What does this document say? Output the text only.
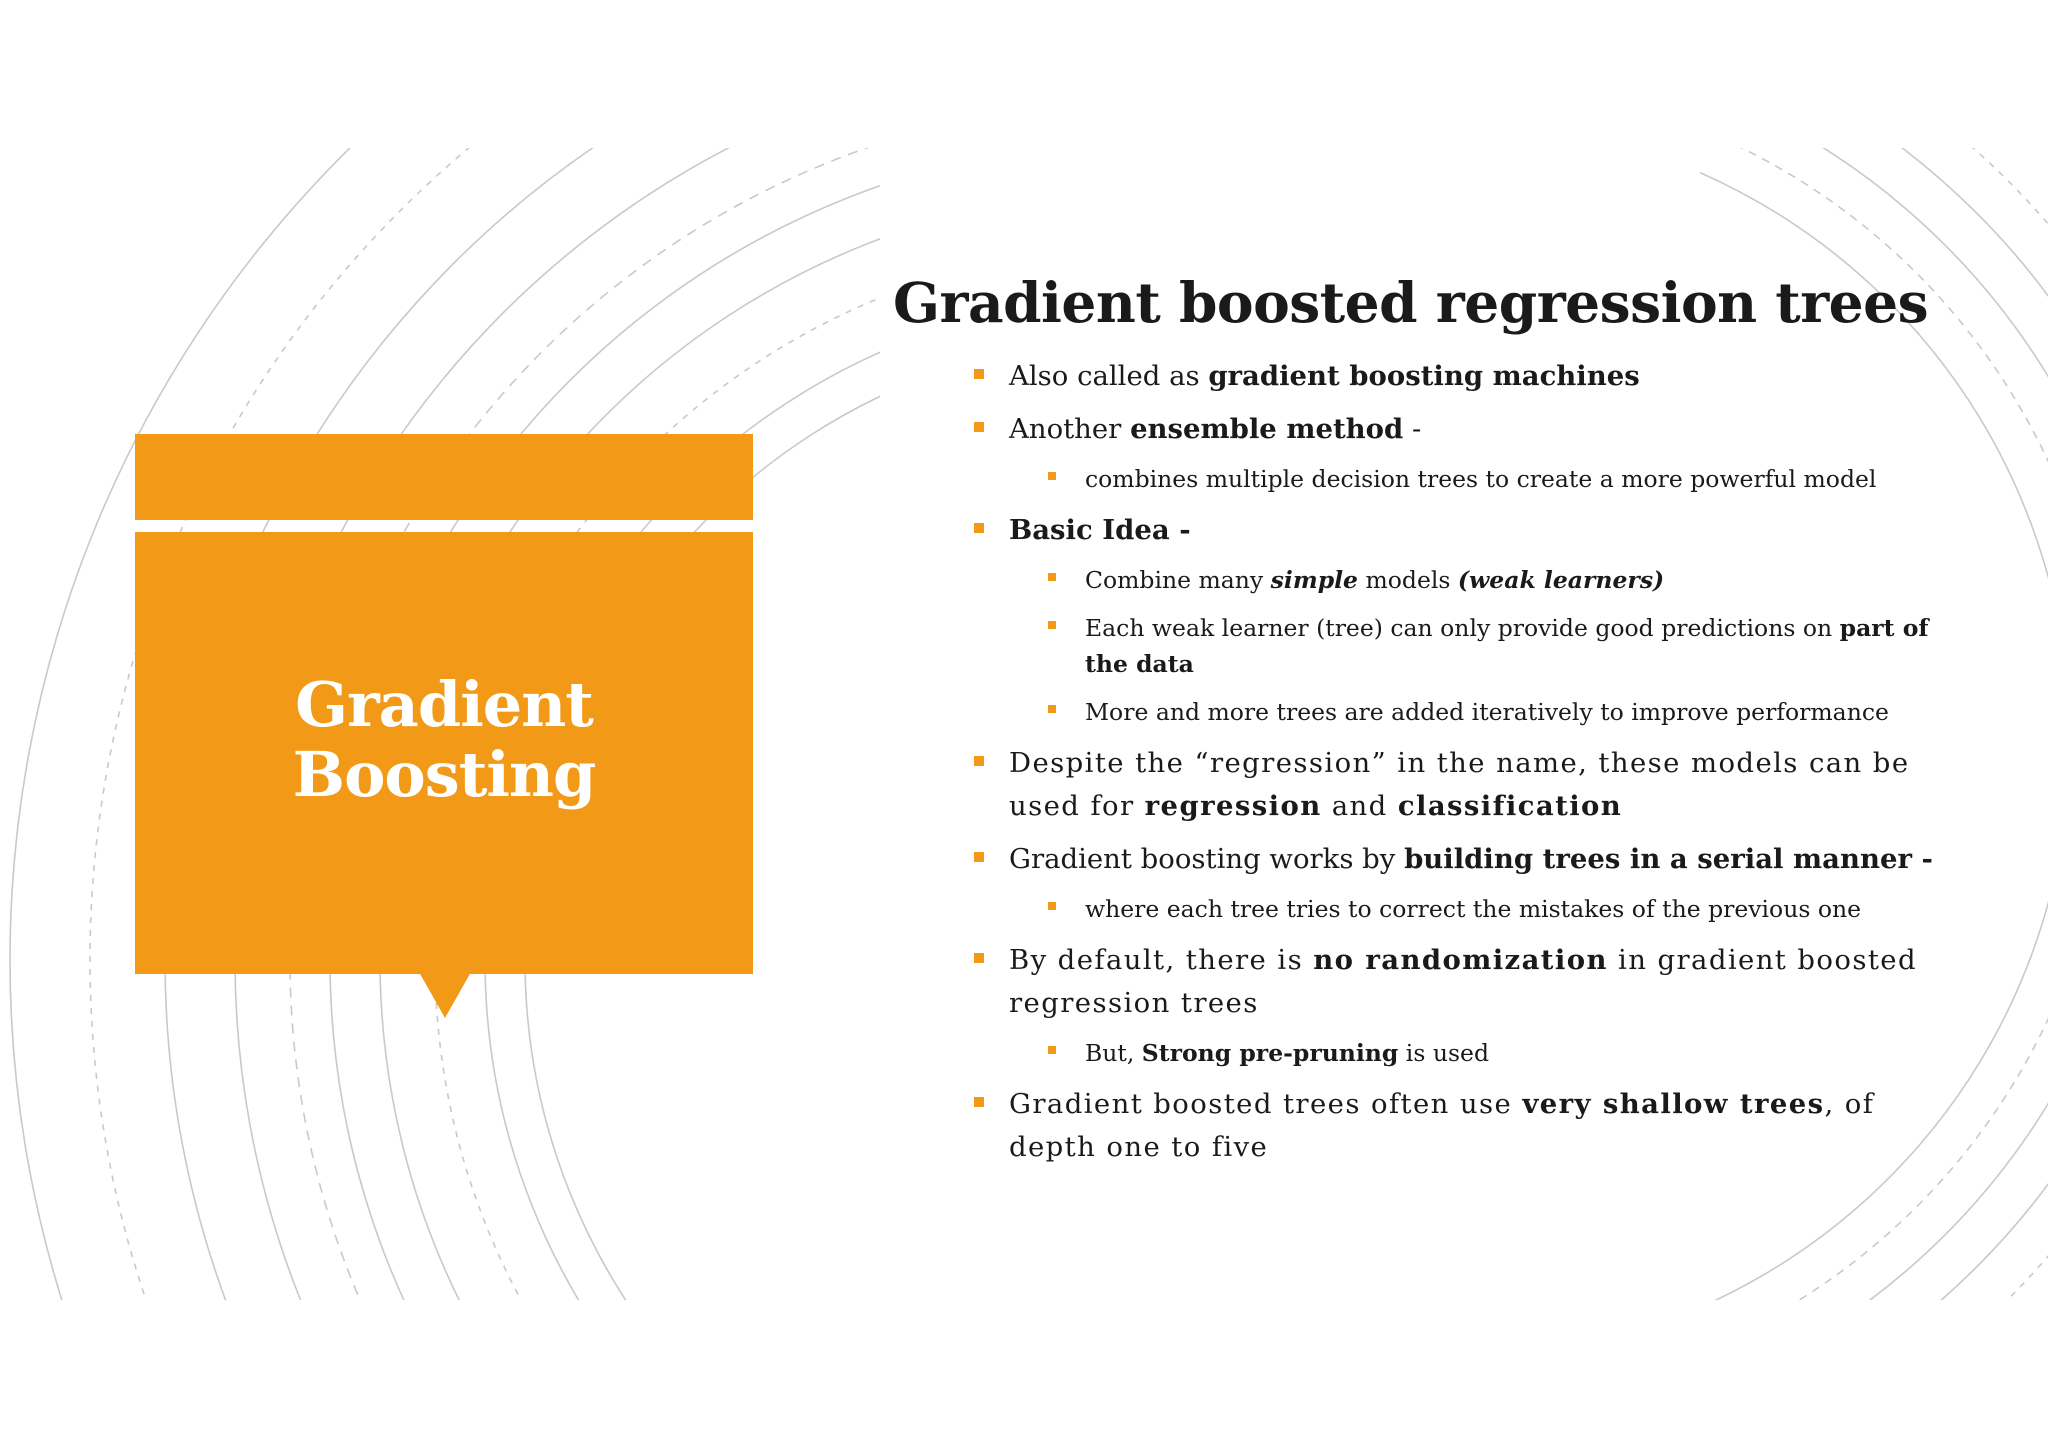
Gradient
Boosting
Gradient boosted regression trees
Also called as gradient boosting machines
Another ensemble method -
combines multiple decision trees to create a more powerful model
Basic Idea -
Combine many simple models (weak learners)
Each weak learner (tree) can only provide good predictions on part of the data
More and more trees are added iteratively to improve performance
Despite the “regression” in the name, these models can be used for regression and classification
Gradient boosting works by building trees in a serial manner -
where each tree tries to correct the mistakes of the previous one
By default, there is no randomization in gradient boosted regression trees
But, Strong pre-pruning is used
Gradient boosted trees often use very shallow trees, of depth one to five
